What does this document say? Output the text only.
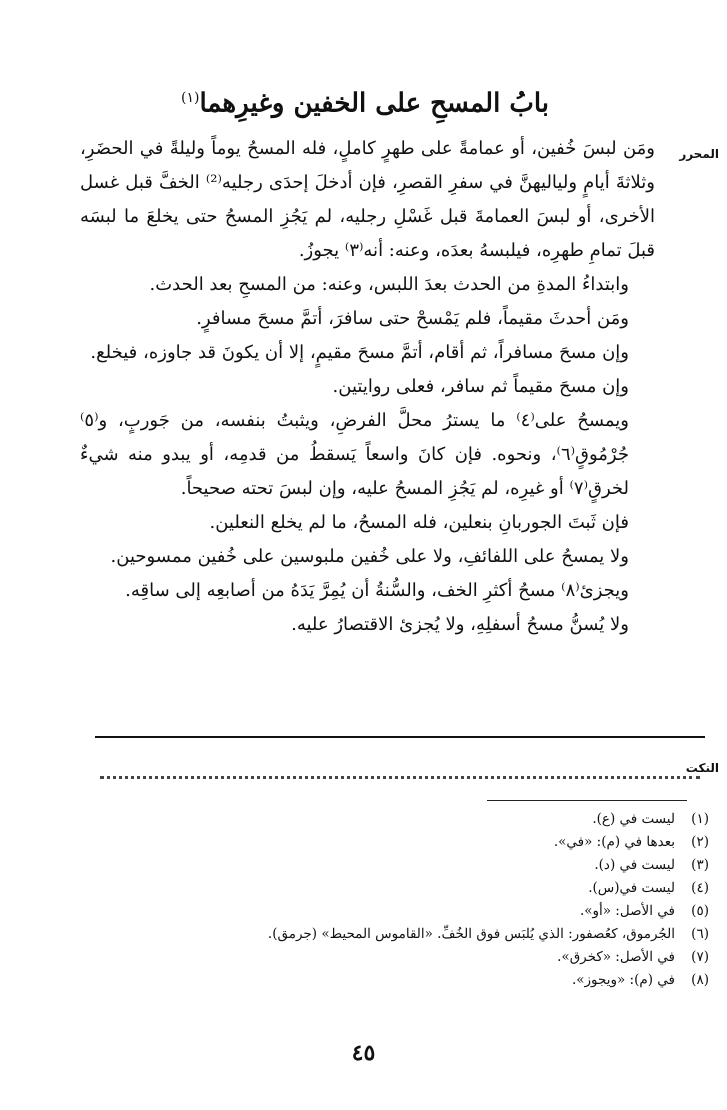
بابُ المسحِ على الخفين وغيرِهما$^{(١)}$
المحرر

ومَن لبسَ خُفين، أو عمامةً على طهرٍ كاملٍ، فله المسحُ يوماً وليلةً في الحضَرِ، وثلاثةَ أيامٍ ولياليهنَّ في سفرِ القصرِ، فإن أدخلَ إحدَى رجليه⁽²⁾ الخفَّ قبل غسل الأخرى، أو لبسَ العمامةَ قبل غَسْلِ رجليه، لم يَجُزِ المسحُ حتى يخلعَ ما لبسَه قبلَ تمامِ طهرِه، فيلبسهُ بعدَه، وعنه: أنه⁽٣⁾ يجوزُ.

وابتداءُ المدةِ من الحدث بعدَ اللبس، وعنه: من المسحِ بعد الحدث.

ومَن أحدثَ مقيماً، فلم يَمْسحْ حتى سافرَ، أتمَّ مسحَ مسافرٍ.

وإن مسحَ مسافراً، ثم أقام، أتمَّ مسحَ مقيمٍ، إلا أن يكونَ قد جاوزه، فيخلع.

وإن مسحَ مقيماً ثم سافر، فعلى روايتين.

ويمسحُ على⁽٤⁾ ما يسترُ محلَّ الفرضِ، ويثبتُ بنفسه، من جَوربٍ، و⁽٥⁾جُرْمُوقٍ⁽٦⁾، ونحوه. فإن كانَ واسعاً يَسقطُ من قدمِه، أو يبدو منه شيءٌ لخرقٍ⁽٧⁾ أو غيرِه، لم يَجُزِ المسحُ عليه، وإن لبسَ تحته صحيحاً.

فإن ثَبتَ الجوربانِ بنعلين، فله المسحُ، ما لم يخلع النعلين.

ولا يمسحُ على اللفائفِ، ولا على خُفين ملبوسين على خُفين ممسوحين.

ويجزئ⁽٨⁾ مسحُ أكثرِ الخف، والسُّنةُ أن يُمِرَّ يَدَهُ من أصابعِه إلى ساقِه.

ولا يُسنُّ مسحُ أسفلِهِ، ولا يُجزئ الاقتصارُ عليه.

النكت
(١)ليست في (ع).
(٢)بعدها في (م): «في».
(٣)ليست في (د).
(٤)ليست في(س).
(٥)في الأصل: «أو».
(٦)الجُرموق، كعُصفور: الذي يُلبَس فوق الخُفِّ. «القاموس المحيط» (جرمق).
(٧)في الأصل: «كخرق».
(٨)في (م): «ويجوز».
٤٥
